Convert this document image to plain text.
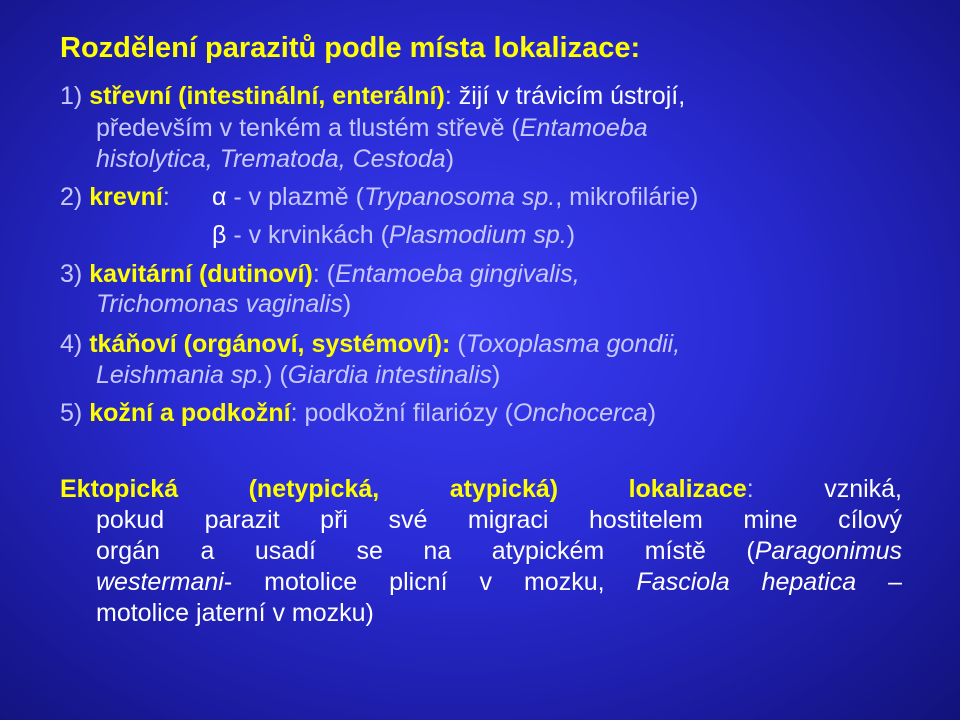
Rozdělení parazitů podle místa lokalizace:
1) střevní (intestinální, enterální): žijí v trávicím ústrojí,
především v tenkém a tlustém střevě (Entamoeba
histolytica, Trematoda, Cestoda)
2) krevní: α - v plazmě (Trypanosoma sp., mikrofilárie)
β - v krvinkách (Plasmodium sp.)
3) kavitární (dutinoví): (Entamoeba gingivalis,
Trichomonas vaginalis)
4) tkáňoví (orgánoví, systémoví): (Toxoplasma gondii,
Leishmania sp.) (Giardia intestinalis)
5) kožní a podkožní: podkožní filariózy (Onchocerca)
Ektopická (netypická, atypická) lokalizace: vzniká,
pokud parazit při své migraci hostitelem mine cílový
orgán a usadí se na atypickém místě (Paragonimus
westermani- motolice plicní v mozku, Fasciola hepatica –
motolice jaterní v mozku)
